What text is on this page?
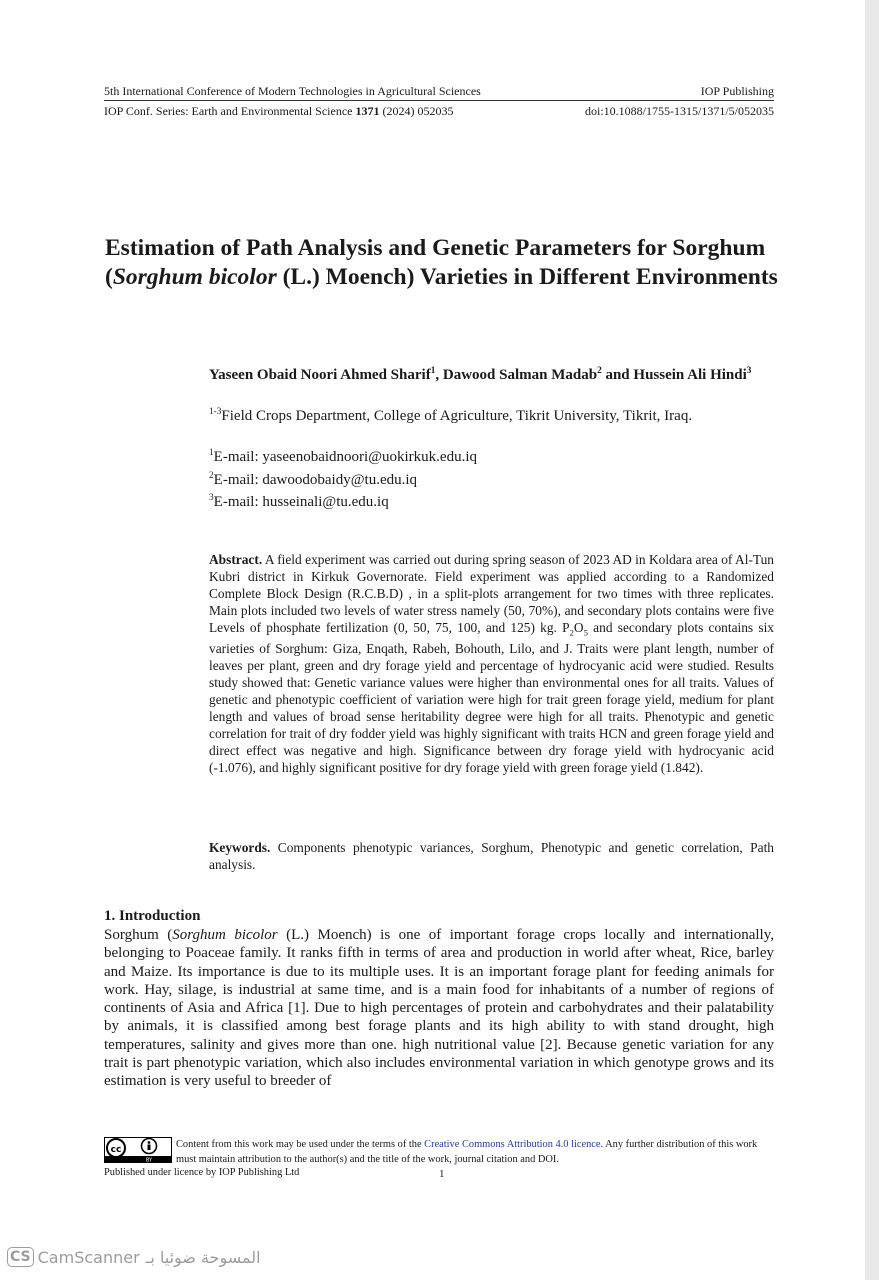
5th International Conference of Modern Technologies in Agricultural Sciences	IOP Publishing
IOP Conf. Series: Earth and Environmental Science 1371 (2024) 052035	doi:10.1088/1755-1315/1371/5/052035
Estimation of Path Analysis and Genetic Parameters for Sorghum (Sorghum bicolor (L.) Moench) Varieties in Different Environments
Yaseen Obaid Noori Ahmed Sharif$^1$, Dawood Salman Madab$^2$ and Hussein Ali Hindi$^3$
$^{1-3}$Field Crops Department, College of Agriculture, Tikrit University, Tikrit, Iraq.
$^1$E-mail: yaseenobaidnoori@uokirkuk.edu.iq
$^2$E-mail: dawoodobaidy@tu.edu.iq
$^3$E-mail: husseinali@tu.edu.iq

Abstract. A field experiment was carried out during spring season of 2023 AD in Koldara area of Al-Tun Kubri district in Kirkuk Governorate. Field experiment was applied according to a Randomized Complete Block Design (R.C.B.D) , in a split-plots arrangement for two times with three replicates. Main plots included two levels of water stress namely (50, 70%), and secondary plots contains were five Levels of phosphate fertilization (0, 50, 75, 100, and 125) kg. $P_2O_5$ and secondary plots contains six varieties of Sorghum: Giza, Enqath, Rabeh, Bohouth, Lilo, and J. Traits were plant length, number of leaves per plant, green and dry forage yield and percentage of hydrocyanic acid were studied. Results study showed that: Genetic variance values were higher than environmental ones for all traits. Values of genetic and phenotypic coefficient of variation were high for trait green forage yield, medium for plant length and values of broad sense heritability degree were high for all traits. Phenotypic and genetic correlation for trait of dry fodder yield was highly significant with traits HCN and green forage yield and direct effect was negative and high. Significance between dry forage yield with hydrocyanic acid (-1.076), and highly significant positive for dry forage yield with green forage yield (1.842).

Keywords. Components phenotypic variances, Sorghum, Phenotypic and genetic correlation, Path analysis.

1. Introduction

Sorghum (Sorghum bicolor (L.) Moench) is one of important forage crops locally and internationally, belonging to Poaceae family. It ranks fifth in terms of area and production in world after wheat, Rice, barley and Maize. Its importance is due to its multiple uses. It is an important forage plant for feeding animals for work. Hay, silage, is industrial at same time, and is a main food for inhabitants of a number of regions of continents of Asia and Africa [1]. Due to high percentages of protein and carbohydrates and their palatability by animals, it is classified among best forage plants and its high ability to with stand drought, high temperatures, salinity and gives more than one. high nutritional value [2]. Because genetic variation for any trait is part phenotypic variation, which also includes environmental variation in which genotype grows and its estimation is very useful to breeder of

cc
BY
Content from this work may be used under the terms of the Creative Commons Attribution 4.0 licence. Any further distribution of this work must maintain attribution to the author(s) and the title of the work, journal citation and DOI.
Published under licence by IOP Publishing Ltd	1
CS CamScanner المسوحة ضوئيا بـ
